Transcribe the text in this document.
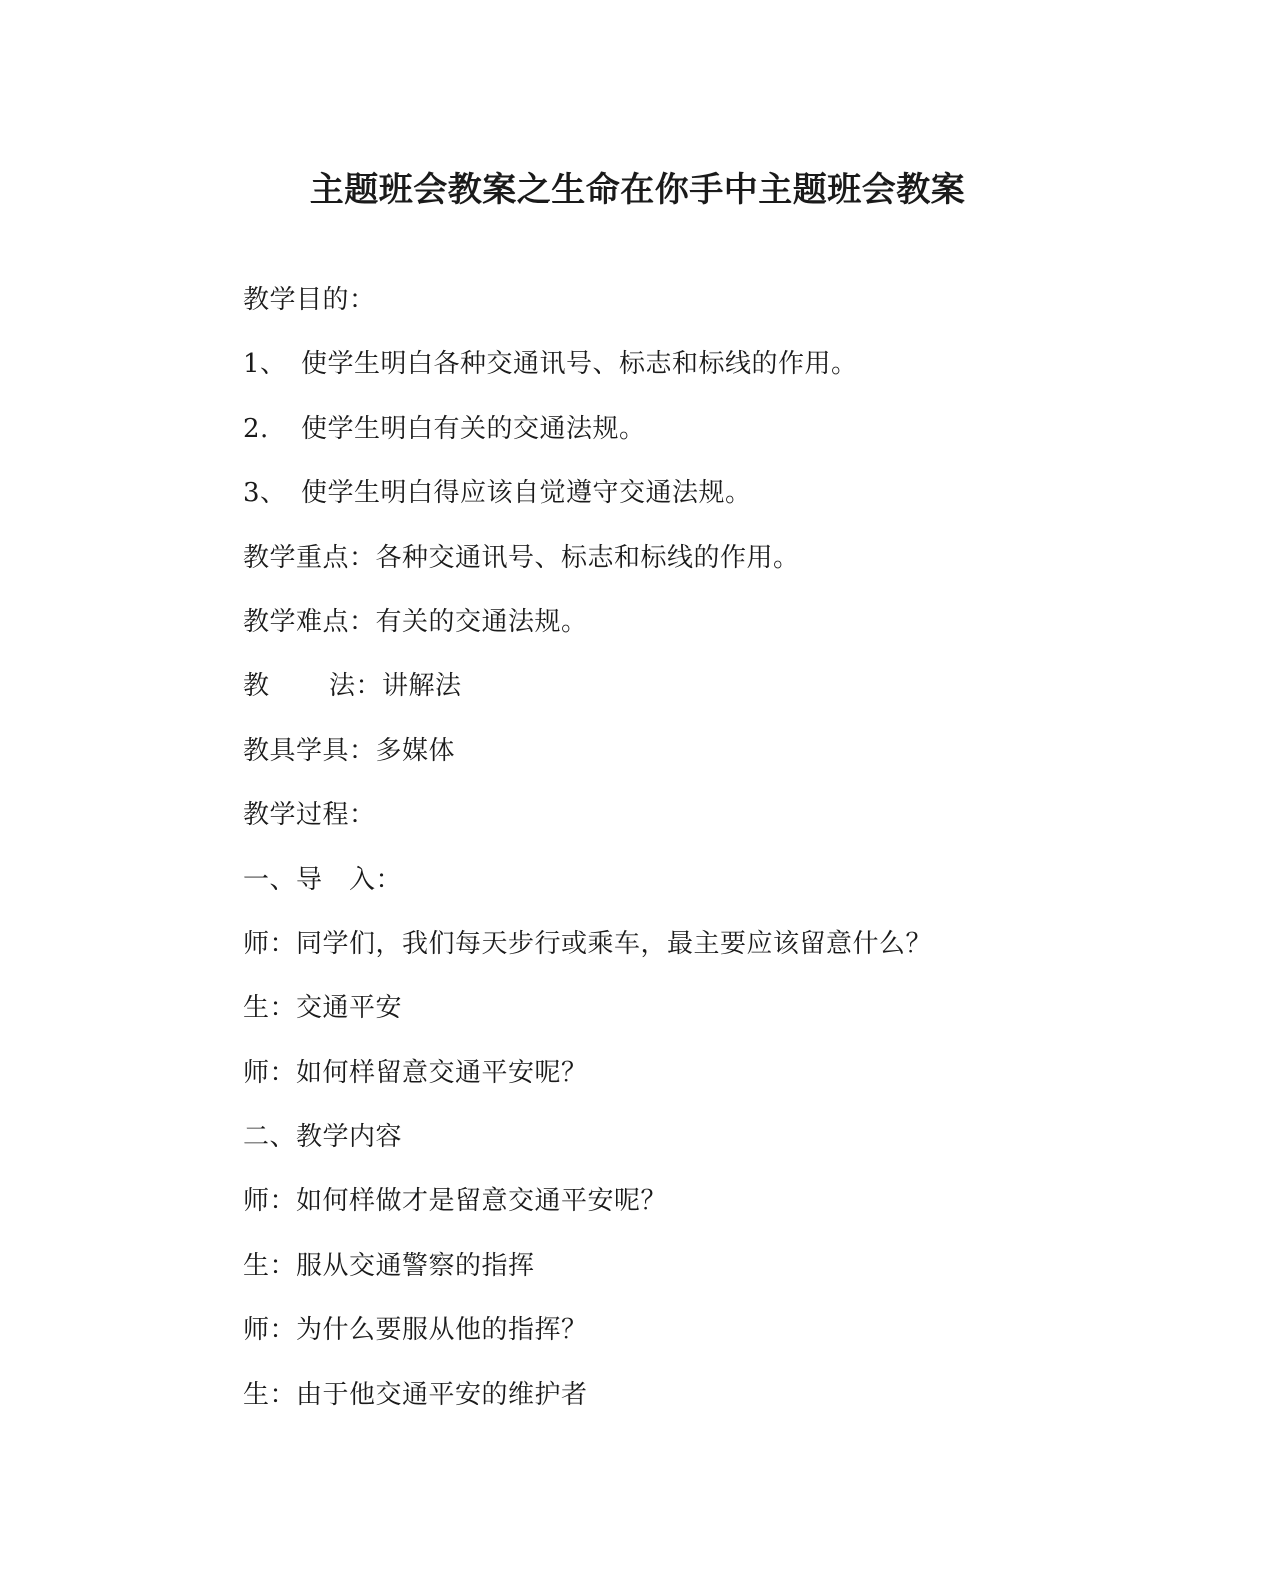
主题班会教案之生命在你手中主题班会教案
教学目的：
1、 使学生明白各种交通讯号、标志和标线的作用。
2. 使学生明白有关的交通法规。
3、 使学生明白得应该自觉遵守交通法规。
教学重点：各种交通讯号、标志和标线的作用。
教学难点：有关的交通法规。
教 法：讲解法
教具学具：多媒体
教学过程：
一、导　入：
师：同学们，我们每天步行或乘车，最主要应该留意什么？
生：交通平安
师：如何样留意交通平安呢？
二、教学内容
师：如何样做才是留意交通平安呢？
生：服从交通警察的指挥
师：为什么要服从他的指挥？
生：由于他交通平安的维护者
